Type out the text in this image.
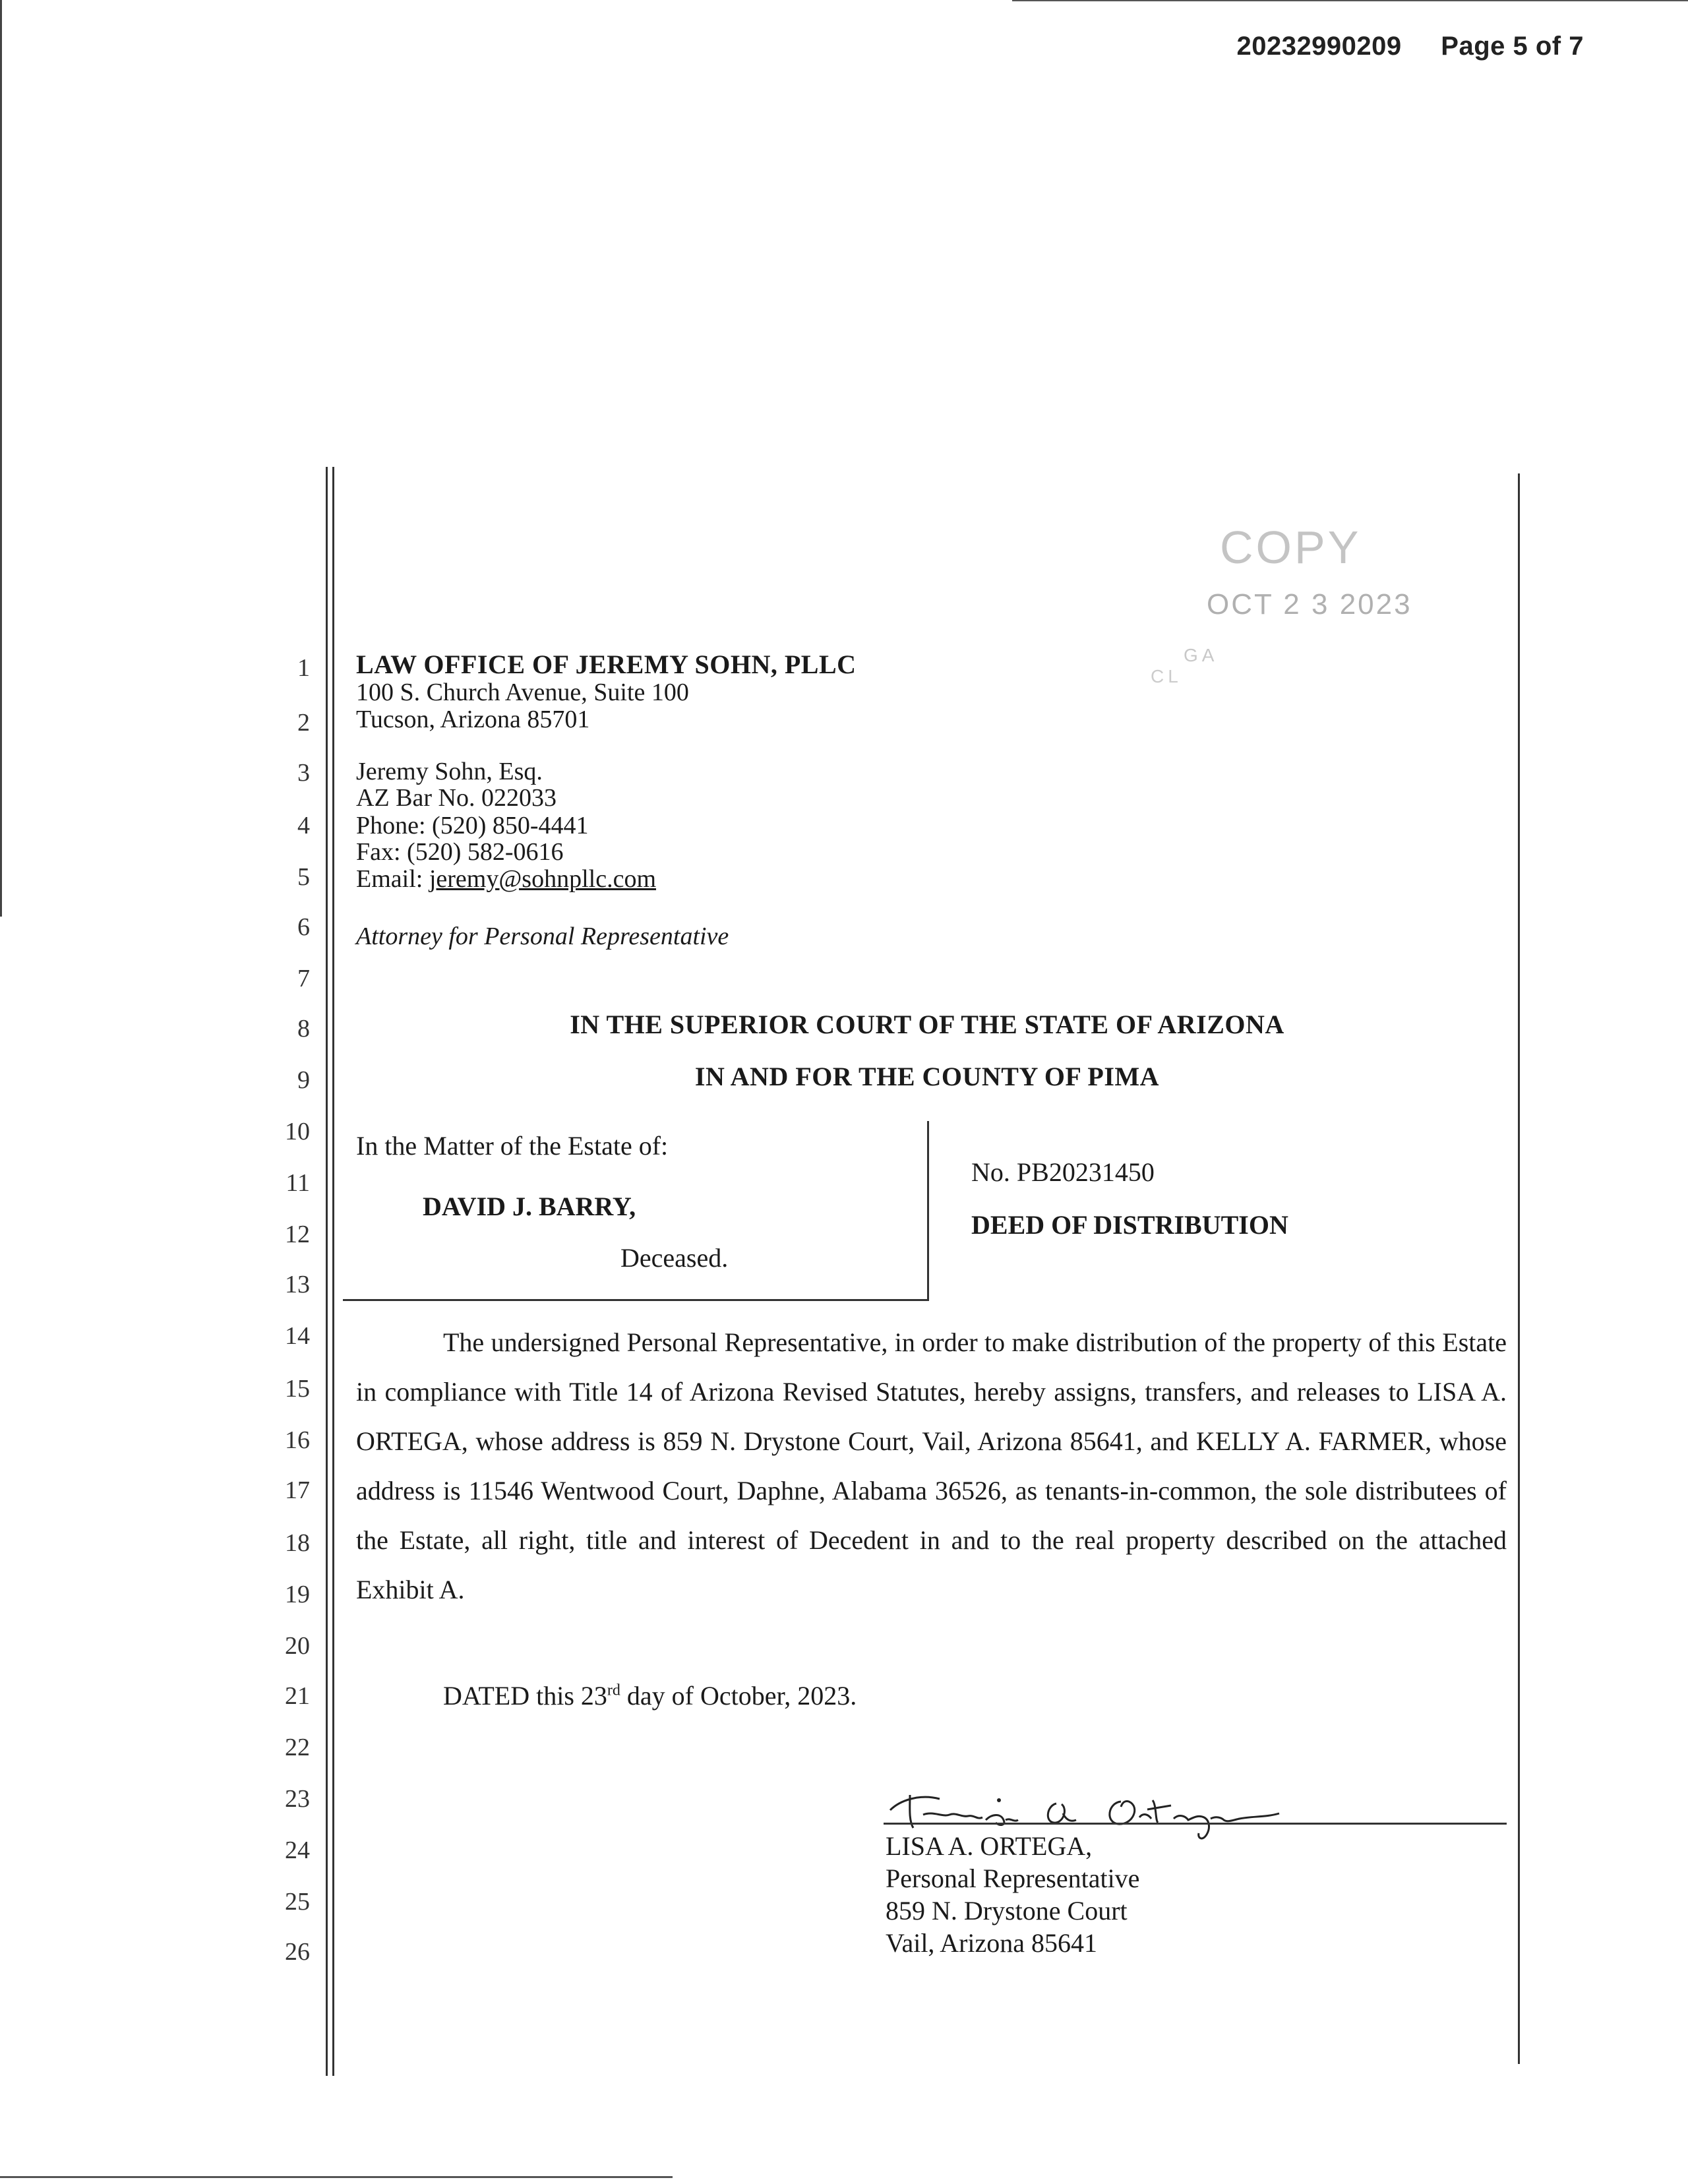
20232990209 Page 5 of 7
1
2
3
4
5
6
7
8
9
10
11
12
13
14
15
16
17
18
19
20
21
22
23
24
25
26
COPY
OCT 2 3 2023
GA
CL
LAW OFFICE OF JEREMY SOHN, PLLC
100 S. Church Avenue, Suite 100
Tucson, Arizona 85701
Jeremy Sohn, Esq.
AZ Bar No. 022033
Phone: (520) 850-4441
Fax: (520) 582-0616
Email: jeremy@sohnpllc.com
Attorney for Personal Representative
IN THE SUPERIOR COURT OF THE STATE OF ARIZONA
IN AND FOR THE COUNTY OF PIMA
In the Matter of the Estate of:
DAVID J. BARRY,
Deceased.
No. PB20231450
DEED OF DISTRIBUTION

The undersigned Personal Representative, in order to make distribution of the property of this Estate in compliance with Title 14 of Arizona Revised Statutes, hereby assigns, transfers, and releases to LISA A. ORTEGA, whose address is 859 N. Drystone Court, Vail, Arizona 85641, and KELLY A. FARMER, whose address is 11546 Wentwood Court, Daphne, Alabama 36526, as tenants-in-common, the sole distributees of the Estate, all right, title and interest of Decedent in and to the real property described on the attached Exhibit A.

DATED this 23rd day of October, 2023.
LISA A. ORTEGA,
Personal Representative
859 N. Drystone Court
Vail, Arizona 85641
